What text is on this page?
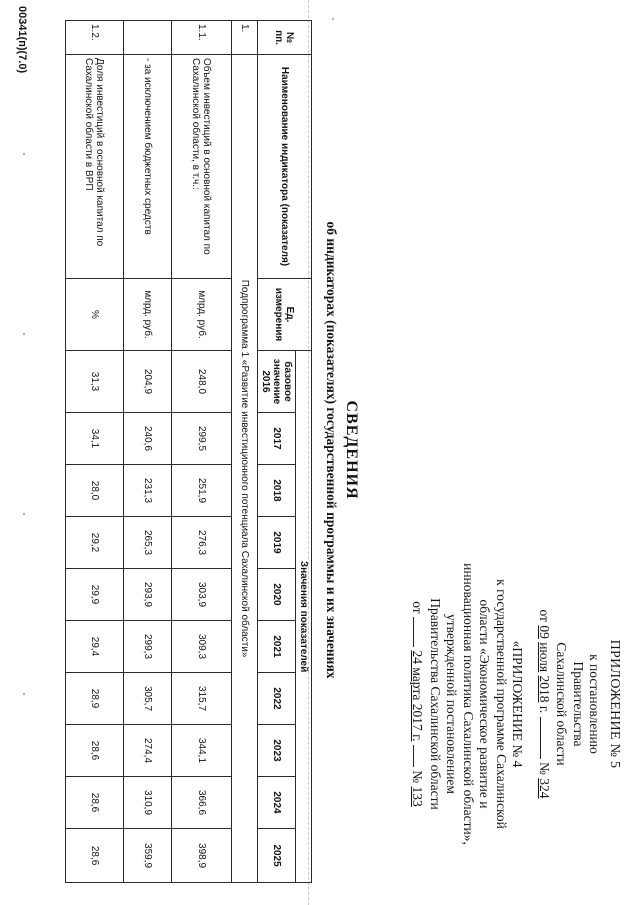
ПРИЛОЖЕНИЕ № 5
к постановлению
Правительства
Сахалинской области
от 09 июля 2018 г.  № 324
«ПРИЛОЖЕНИЕ № 4
к государственной программе Сахалинской
области «Экономическое развитие и
инновационная политика Сахалинской области»,
утвержденной постановлением
Правительства Сахалинской области
от  24 марта 2017 г.  № 133
СВЕДЕНИЯ
об индикаторах (показателях) государственной программы и их значениях
№ пп.	Наименование индикатора (показателя)	Ед. измерения	Значения показателей									

			базовое
значение
2016	2017	2018	2019	2020	2021	2022	2023	2024	2025
1.	Подпрограмма 1 «Развитие инвестиционного потенциала Сахалинской области»											
1.1.	Объем инвестиций в основной капитал по Сахалинской области, в т.ч.:	млрд. руб.	248,0	299,5	251,9	276,3	303,9	309,3	315,7	344,1	366,6	398,9
	- за исключением бюджетных средств	млрд. руб.	204,9	240,6	231,3	265,3	293,9	299,3	305,7	274,4	310,9	359,9
1.2.	Доля инвестиций в основной капитал по Сахалинской области в ВРП	%	31,3	34,1	28,0	29,2	29,9	29,4	28,9	28,6	28,6	28,6
00341(п)(7.0)
